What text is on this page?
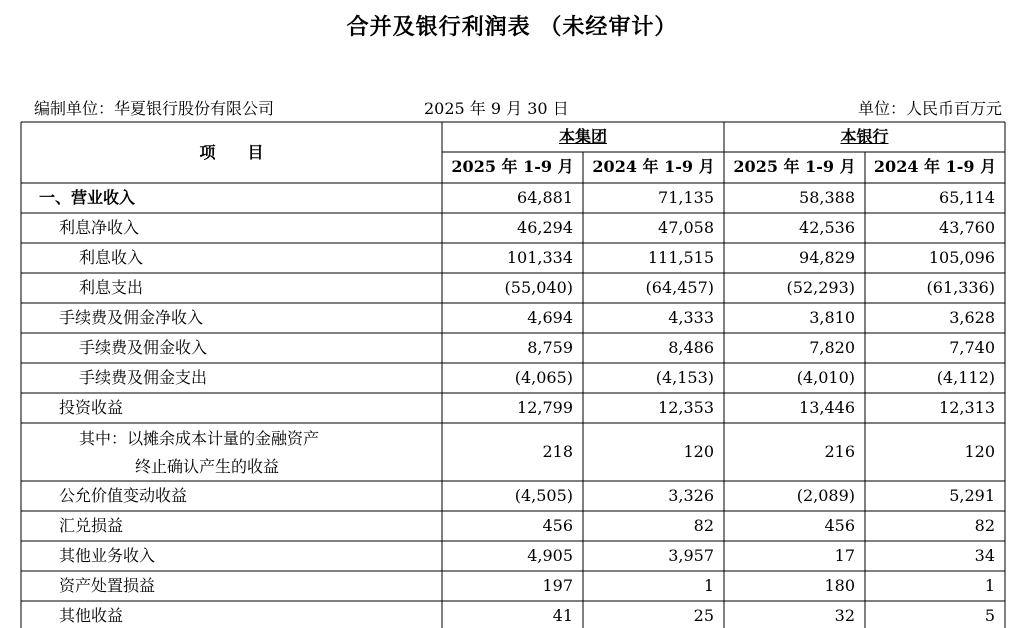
合并及银行利润表 （未经审计）
编制单位：华夏银行股份有限公司	2025 年 9 月 30 日	单位：人民币百万元
项　　目
本集团	本银行
2025 年 1-9 月	2024 年 1-9 月	2025 年 1-9 月	2024 年 1-9 月
一、营业收入	64,881	71,135	58,388	65,114
利息净收入	46,294	47,058	42,536	43,760
利息收入	101,334	111,515	94,829	105,096
利息支出	(55,040)	(64,457)	(52,293)	(61,336)
手续费及佣金净收入	4,694	4,333	3,810	3,628
手续费及佣金收入	8,759	8,486	7,820	7,740
手续费及佣金支出	(4,065)	(4,153)	(4,010)	(4,112)
投资收益	12,799	12,353	13,446	12,313
其中：以摊余成本计量的金融资产
终止确认产生的收益
218	120	216	120
公允价值变动收益	(4,505)	3,326	(2,089)	5,291
汇兑损益	456	82	456	82
其他业务收入	4,905	3,957	17	34
资产处置损益	197	1	180	1
其他收益	41	25	32	5
